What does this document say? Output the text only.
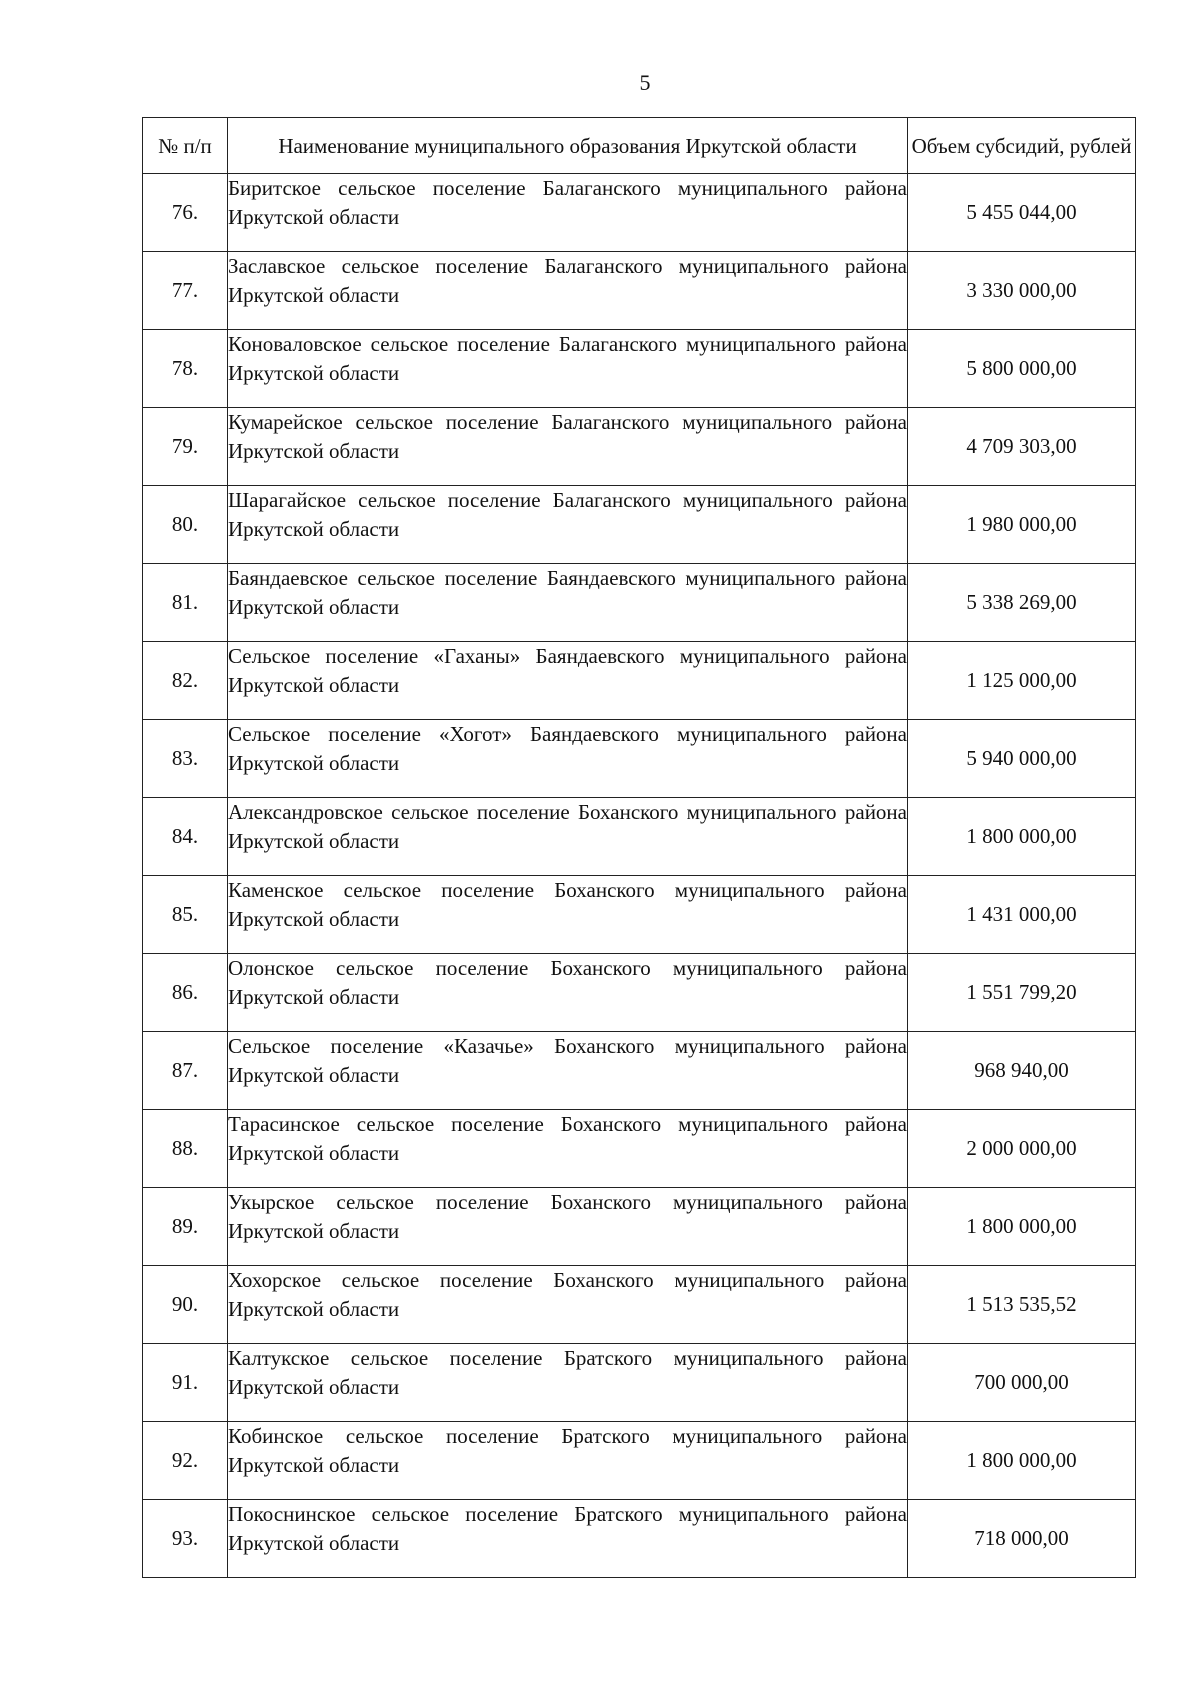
5
№ п/п	Наименование муниципального образования Иркутской области	Объем субсидий, рублей
76.	Биритское сельское поселение Балаганского муниципального района Иркутской области	5 455 044,00
77.	Заславское сельское поселение Балаганского муниципального района Иркутской области	3 330 000,00
78.	Коноваловское сельское поселение Балаганского муниципального района Иркутской области	5 800 000,00
79.	Кумарейское сельское поселение Балаганского муниципального района Иркутской области	4 709 303,00
80.	Шарагайское сельское поселение Балаганского муниципального района Иркутской области	1 980 000,00
81.	Баяндаевское сельское поселение Баяндаевского муниципального района Иркутской области	5 338 269,00
82.	Сельское поселение «Гаханы» Баяндаевского муниципального района Иркутской области	1 125 000,00
83.	Сельское поселение «Хогот» Баяндаевского муниципального района Иркутской области	5 940 000,00
84.	Александровское сельское поселение Боханского муниципального района Иркутской области	1 800 000,00
85.	Каменское сельское поселение Боханского муниципального района Иркутской области	1 431 000,00
86.	Олонское сельское поселение Боханского муниципального района Иркутской области	1 551 799,20
87.	Сельское поселение «Казачье» Боханского муниципального района Иркутской области	968 940,00
88.	Тарасинское сельское поселение Боханского муниципального района Иркутской области	2 000 000,00
89.	Укырское сельское поселение Боханского муниципального района Иркутской области	1 800 000,00
90.	Хохорское сельское поселение Боханского муниципального района Иркутской области	1 513 535,52
91.	Калтукское сельское поселение Братского муниципального района Иркутской области	700 000,00
92.	Кобинское сельское поселение Братского муниципального района Иркутской области	1 800 000,00
93.	Покоснинское сельское поселение Братского муниципального района Иркутской области	718 000,00
